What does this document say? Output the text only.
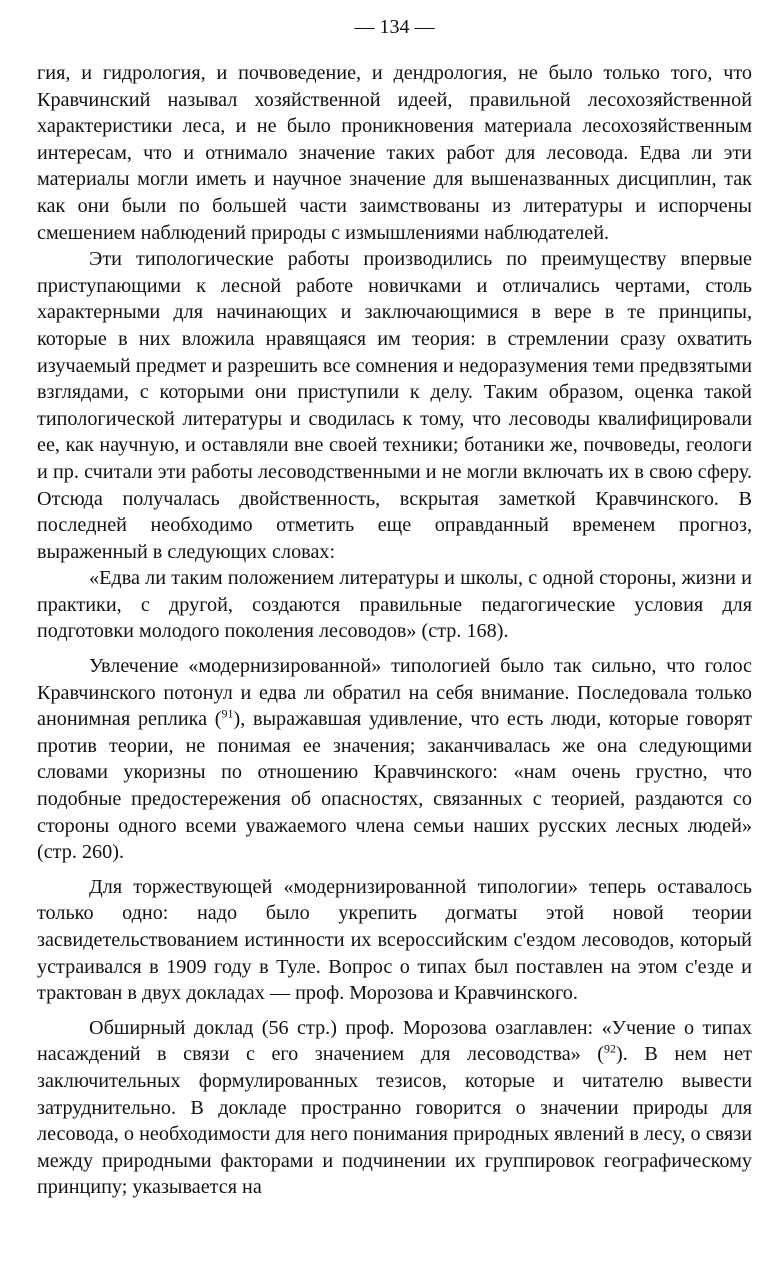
— 134 —

гия, и гидрология, и почвоведение, и дендрология, не было только того, что Кравчинский называл хозяйственной идеей, правильной лесохозяйственной характеристики леса, и не было проникновения материала лесохозяйственным интересам, что и отнимало значение таких работ для лесовода. Едва ли эти материалы могли иметь и научное значение для вышеназванных дисциплин, так как они были по большей части заимствованы из литературы и испорчены смешением наблюдений природы с измышлениями наблюдателей.

Эти типологические работы производились по преимуществу впервые приступающими к лесной работе новичками и отличались чертами, столь характерными для начинающих и заключающимися в вере в те принципы, которые в них вложила нравящаяся им теория: в стремлении сразу охватить изучаемый предмет и разрешить все сомнения и недоразумения теми предвзятыми взглядами, с которыми они приступили к делу. Таким образом, оценка такой типологической литературы и сводилась к тому, что лесоводы квалифицировали ее, как научную, и оставляли вне своей техники; ботаники же, почвоведы, геологи и пр. считали эти работы лесоводственными и не могли включать их в свою сферу. Отсюда получалась двойственность, вскрытая заметкой Кравчинского. В последней необходимо отметить еще оправданный временем прогноз, выраженный в следующих словах:

«Едва ли таким положением литературы и школы, с одной стороны, жизни и практики, с другой, создаются правильные педагогические условия для подготовки молодого поколения лесоводов» (стр. 168).

Увлечение «модернизированной» типологией было так сильно, что голос Кравчинского потонул и едва ли обратил на себя внимание. Последовала только анонимная реплика ($^{91}$), выражавшая удивление, что есть люди, которые говорят против теории, не понимая ее значения; заканчивалась же она следующими словами укоризны по отношению Кравчинского: «нам очень грустно, что подобные предостережения об опасностях, связанных с теорией, раздаются со стороны одного всеми уважаемого члена семьи наших русских лесных людей» (стр. 260).

Для торжествующей «модернизированной типологии» теперь оставалось только одно: надо было укрепить догматы этой новой теории засвидетельствованием истинности их всероссийским с'ездом лесоводов, который устраивался в 1909 году в Туле. Вопрос о типах был поставлен на этом с'езде и трактован в двух докладах — проф. Морозова и Кравчинского.

Обширный доклад (56 стр.) проф. Морозова озаглавлен: «Учение о типах насаждений в связи с его значением для лесоводства» ($^{92}$). В нем нет заключительных формулированных тезисов, которые и читателю вывести затруднительно. В докладе пространно говорится о значении природы для лесовода, о необходимости для него понимания природных явлений в лесу, о связи между природными факторами и подчинении их группировок географическому принципу; указывается на
